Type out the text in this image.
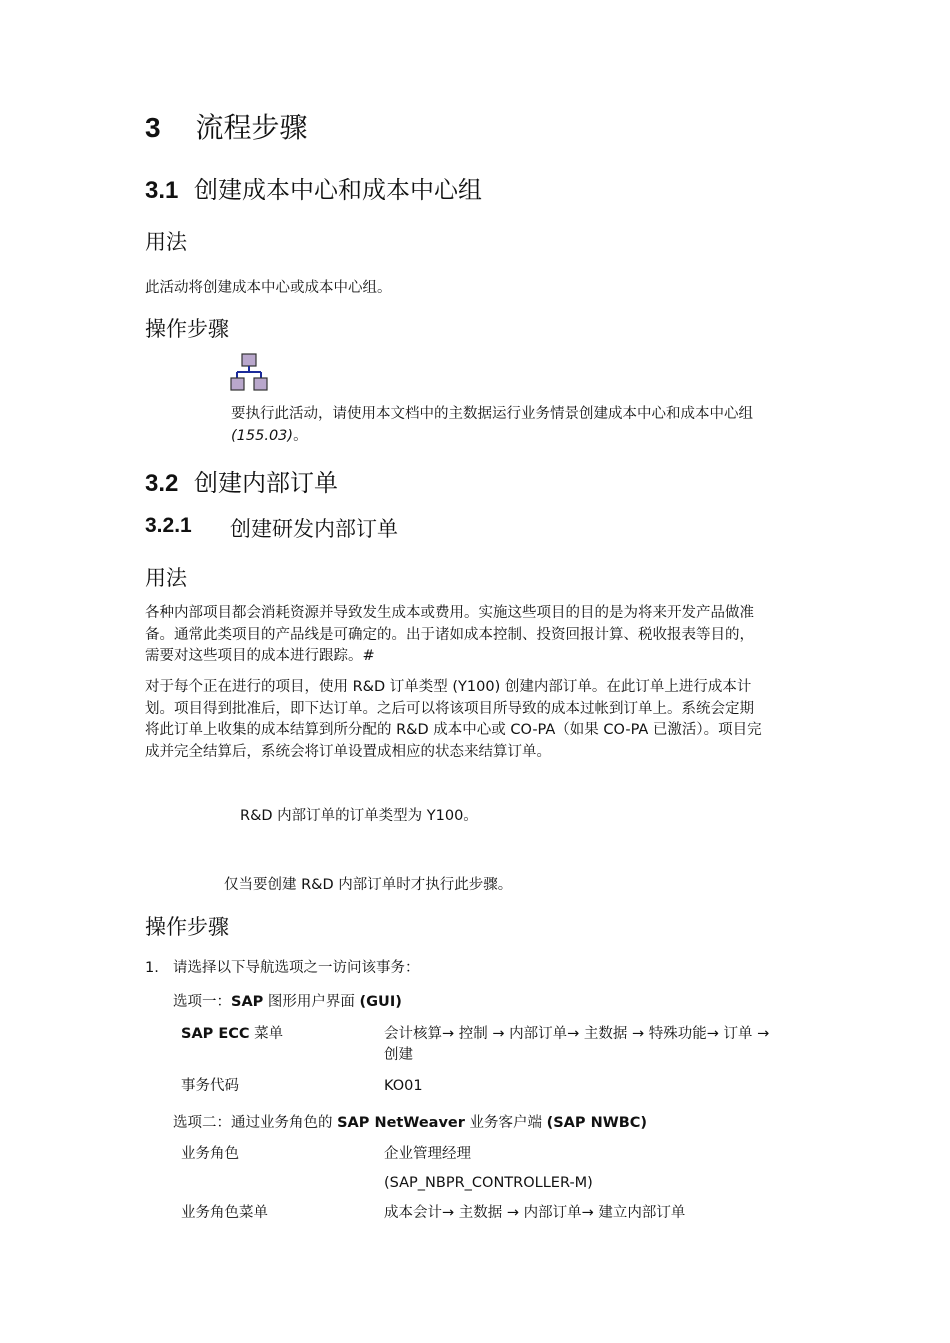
3 流程步骤
3.1 创建成本中心和成本中心组
用法
此活动将创建成本中心或成本中心组。
操作步骤
要执行此活动，请使用本文档中的主数据运行业务情景创建成本中心和成本中心组
(155.03)。
3.2 创建内部订单
3.2.1 创建研发内部订单
用法
各种内部项目都会消耗资源并导致发生成本或费用。实施这些项目的目的是为将来开发产品做准
备。通常此类项目的产品线是可确定的。出于诸如成本控制、投资回报计算、税收报表等目的，
需要对这些项目的成本进行跟踪。#
对于每个正在进行的项目，使用 R&D 订单类型 (Y100) 创建内部订单。在此订单上进行成本计
划。项目得到批准后，即下达订单。之后可以将该项目所导致的成本过帐到订单上。系统会定期
将此订单上收集的成本结算到所分配的 R&D 成本中心或 CO-PA（如果 CO-PA 已激活）。项目完
成并完全结算后，系统会将订单设置成相应的状态来结算订单。
R&D 内部订单的订单类型为 Y100。
仅当要创建 R&D 内部订单时才执行此步骤。
操作步骤
1. 请选择以下导航选项之一访问该事务：
选项一：SAP 图形用户界面 (GUI)
SAP ECC 菜单	会计核算→ 控制 → 内部订单→ 主数据 → 特殊功能→ 订单 →
创建
事务代码	KO01
选项二：通过业务角色的 SAP NetWeaver 业务客户端 (SAP NWBC)
业务角色	企业管理经理
(SAP_NBPR_CONTROLLER-M)
业务角色菜单	成本会计→ 主数据 → 内部订单→ 建立内部订单
